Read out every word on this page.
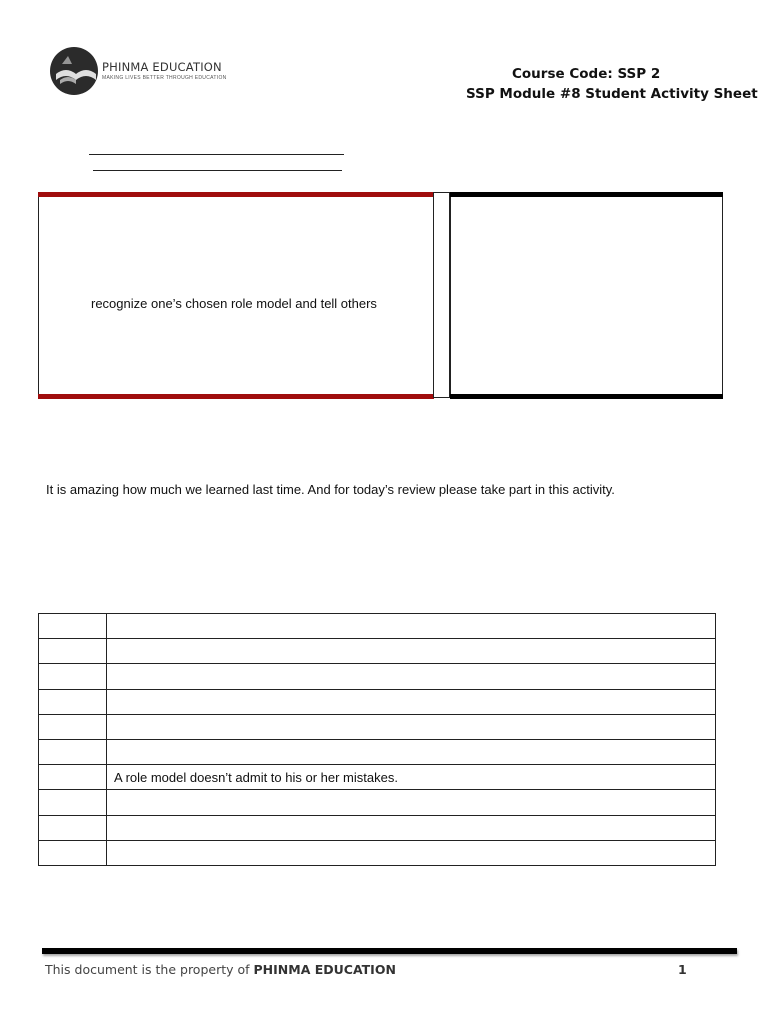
PHINMA EDUCATION
MAKING LIVES BETTER THROUGH EDUCATION	Course Code: SSP 2
SSP Module #8 Student Activity Sheet
recognize one’s chosen role model and tell others
It is amazing how much we learned last time. And for today’s review please take part in this activity.

	A role model doesn’t admit to his or her mistakes.

This document is the property of PHINMA EDUCATION	1
